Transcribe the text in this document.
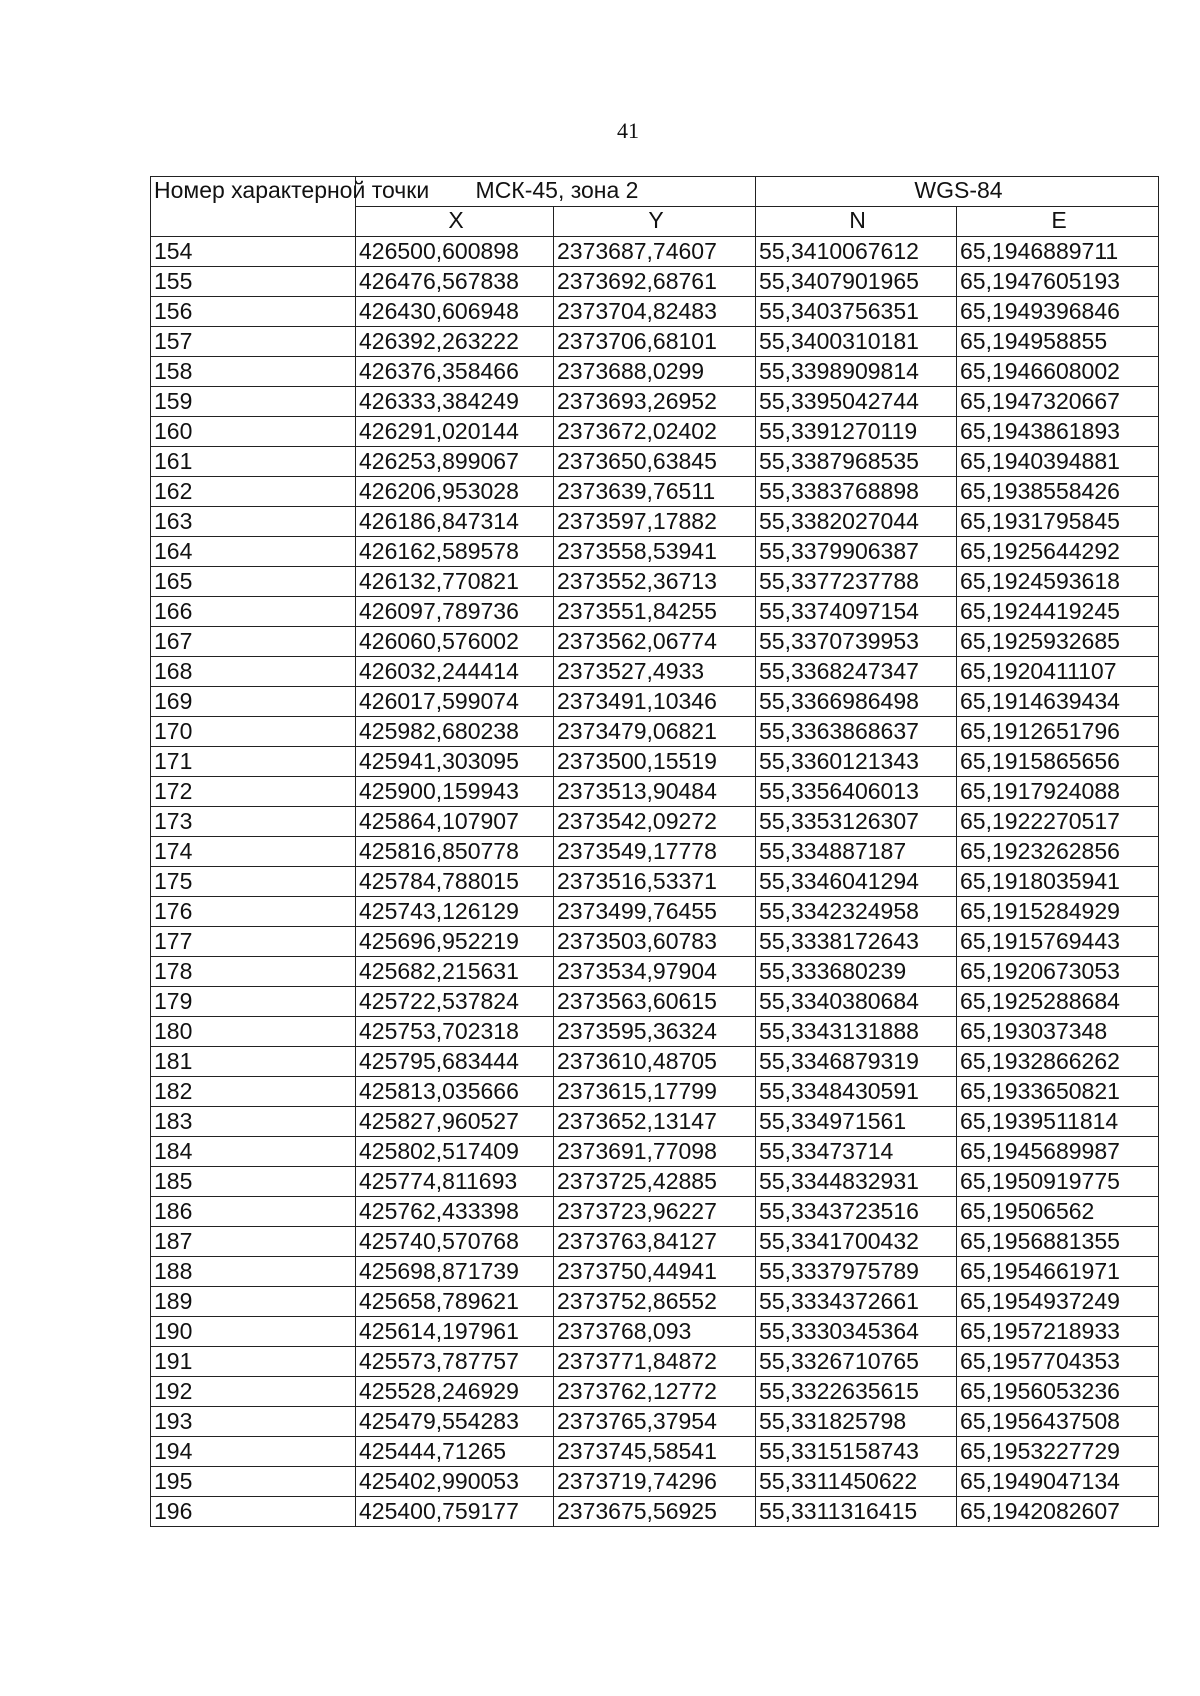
41
Номер характерной точки	МСК-45, зона 2		WGS-84	
	X	Y	N	E
154	426500,600898	2373687,74607	55,3410067612	65,1946889711
155	426476,567838	2373692,68761	55,3407901965	65,1947605193
156	426430,606948	2373704,82483	55,3403756351	65,1949396846
157	426392,263222	2373706,68101	55,3400310181	65,194958855
158	426376,358466	2373688,0299	55,3398909814	65,1946608002
159	426333,384249	2373693,26952	55,3395042744	65,1947320667
160	426291,020144	2373672,02402	55,3391270119	65,1943861893
161	426253,899067	2373650,63845	55,3387968535	65,1940394881
162	426206,953028	2373639,76511	55,3383768898	65,1938558426
163	426186,847314	2373597,17882	55,3382027044	65,1931795845
164	426162,589578	2373558,53941	55,3379906387	65,1925644292
165	426132,770821	2373552,36713	55,3377237788	65,1924593618
166	426097,789736	2373551,84255	55,3374097154	65,1924419245
167	426060,576002	2373562,06774	55,3370739953	65,1925932685
168	426032,244414	2373527,4933	55,3368247347	65,1920411107
169	426017,599074	2373491,10346	55,3366986498	65,1914639434
170	425982,680238	2373479,06821	55,3363868637	65,1912651796
171	425941,303095	2373500,15519	55,3360121343	65,1915865656
172	425900,159943	2373513,90484	55,3356406013	65,1917924088
173	425864,107907	2373542,09272	55,3353126307	65,1922270517
174	425816,850778	2373549,17778	55,334887187	65,1923262856
175	425784,788015	2373516,53371	55,3346041294	65,1918035941
176	425743,126129	2373499,76455	55,3342324958	65,1915284929
177	425696,952219	2373503,60783	55,3338172643	65,1915769443
178	425682,215631	2373534,97904	55,333680239	65,1920673053
179	425722,537824	2373563,60615	55,3340380684	65,1925288684
180	425753,702318	2373595,36324	55,3343131888	65,193037348
181	425795,683444	2373610,48705	55,3346879319	65,1932866262
182	425813,035666	2373615,17799	55,3348430591	65,1933650821
183	425827,960527	2373652,13147	55,334971561	65,1939511814
184	425802,517409	2373691,77098	55,33473714	65,1945689987
185	425774,811693	2373725,42885	55,3344832931	65,1950919775
186	425762,433398	2373723,96227	55,3343723516	65,19506562
187	425740,570768	2373763,84127	55,3341700432	65,1956881355
188	425698,871739	2373750,44941	55,3337975789	65,1954661971
189	425658,789621	2373752,86552	55,3334372661	65,1954937249
190	425614,197961	2373768,093	55,3330345364	65,1957218933
191	425573,787757	2373771,84872	55,3326710765	65,1957704353
192	425528,246929	2373762,12772	55,3322635615	65,1956053236
193	425479,554283	2373765,37954	55,331825798	65,1956437508
194	425444,71265	2373745,58541	55,3315158743	65,1953227729
195	425402,990053	2373719,74296	55,3311450622	65,1949047134
196	425400,759177	2373675,56925	55,3311316415	65,1942082607
